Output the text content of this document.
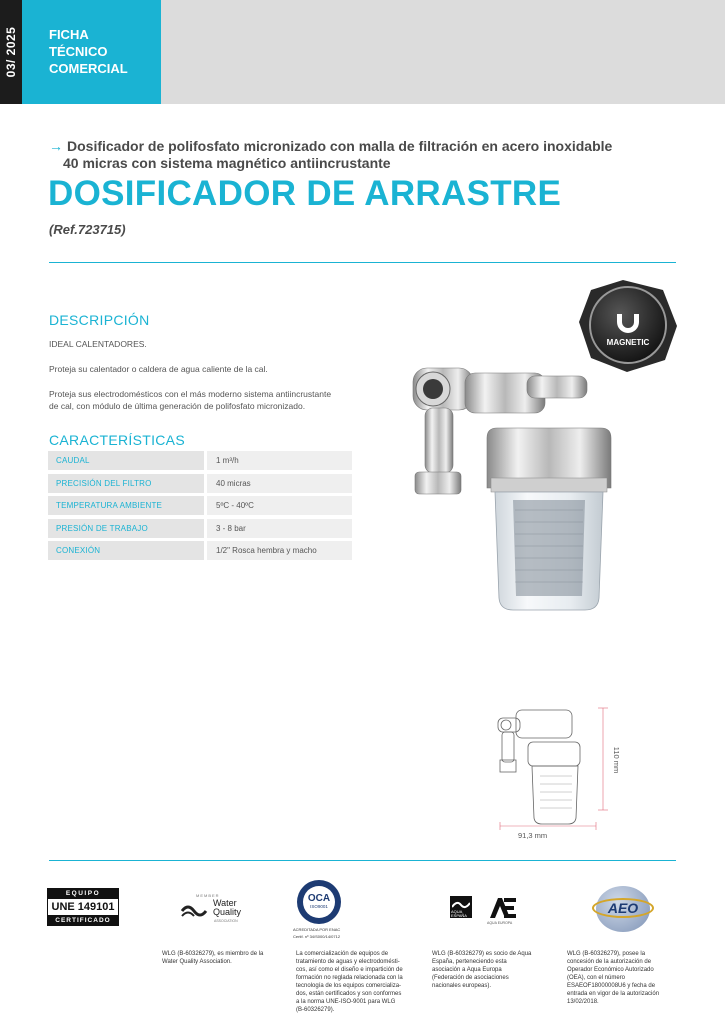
03/ 2025 FICHA
TÉCNICO
COMERCIAL
→ Dosificador de polifosfato micronizado con malla de filtración en acero inoxidable
40 micras con sistema magnético antiincrustante
DOSIFICADOR DE ARRASTRE
(Ref.723715)
DESCRIPCIÓN
IDEAL CALENTADORES.
Proteja su calentador o caldera de agua caliente de la cal.
Proteja sus electrodomésticos con el más moderno sistema antiincrustante
de cal, con módulo de última generación de polifosfato micronizado.
CARACTERÍSTICAS
CAUDAL	1 m³/h
PRECISIÓN DEL FILTRO	40 micras
TEMPERATURA AMBIENTE	5ºC - 40ºC
PRESIÓN DE TRABAJO	3 - 8 bar
CONEXIÓN	1/2" Rosca hembra y macho
MAGNETIC
110 mm
91,3 mm
EQUIPO
UNE 149101
CERTIFICADO
MEMBER
Water
Quality
ASSOCIATION
OCA
ISO9001
ACREDITADA POR ENAC
Certif. nº 34/S000/14/0712
AQUA
ESPAÑA
AQUA EUROPA
AEO
WLG (B-60326279), es miembro de la
Water Quality Association.
La comercialización de equipos de
tratamiento de aguas y electrodomésti-
cos, así como el diseño e impartición de
formación no reglada relacionada con la
tecnología de los equipos comercializa-
dos, están certificados y son conformes
a la norma UNE-ISO-9001 para WLG
(B-60326279).
WLG (B-60326279) es socio de Aqua
España, perteneciendo esta
asociación a Aqua Europa
(Federación de asociaciones
nacionales europeas).
WLG (B-60326279), posee la
concesión de la autorización de
Operador Económico Autorizado
(OEA), con el número
ESAEOF18000008U6 y fecha de
entrada en vigor de la autorización
13/02/2018.
